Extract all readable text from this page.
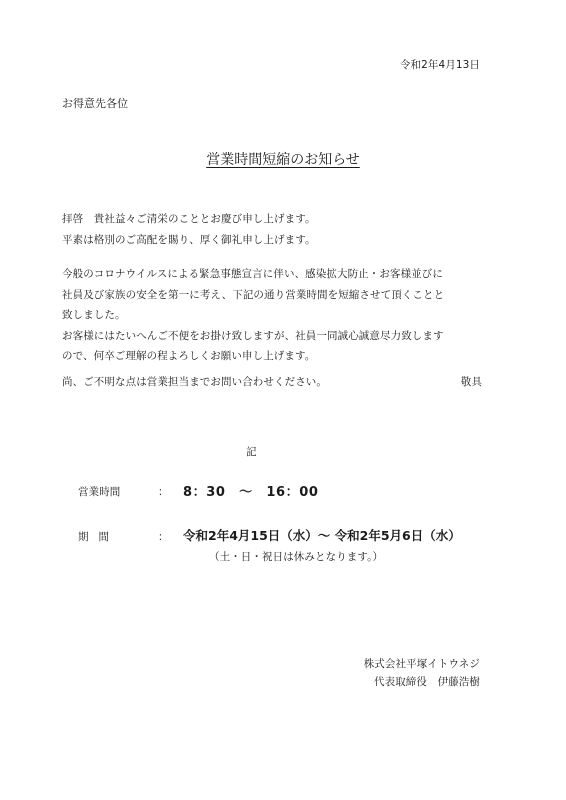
令和2年4月13日
お得意先各位
営業時間短縮のお知らせ
拝啓　貴社益々ご清栄のこととお慶び申し上げます。
平素は格別のご高配を賜り、厚く御礼申し上げます。
今般のコロナウイルスによる緊急事態宣言に伴い、感染拡大防止・お客様並びに
社員及び家族の安全を第一に考え、下記の通り営業時間を短縮させて頂くことと
致しました。
お客様にはたいへんご不便をお掛け致しますが、社員一同誠心誠意尽力致します
ので、何卒ご理解の程よろしくお願い申し上げます。
尚、ご不明な点は営業担当までお問い合わせください。	敬具
記
営業時間	： 8：30　～　16：00
期間	： 令和2年4月15日（水）～ 令和2年5月6日（水）
（土・日・祝日は休みとなります。）
株式会社平塚イトウネジ
代表取締役　伊藤浩樹
